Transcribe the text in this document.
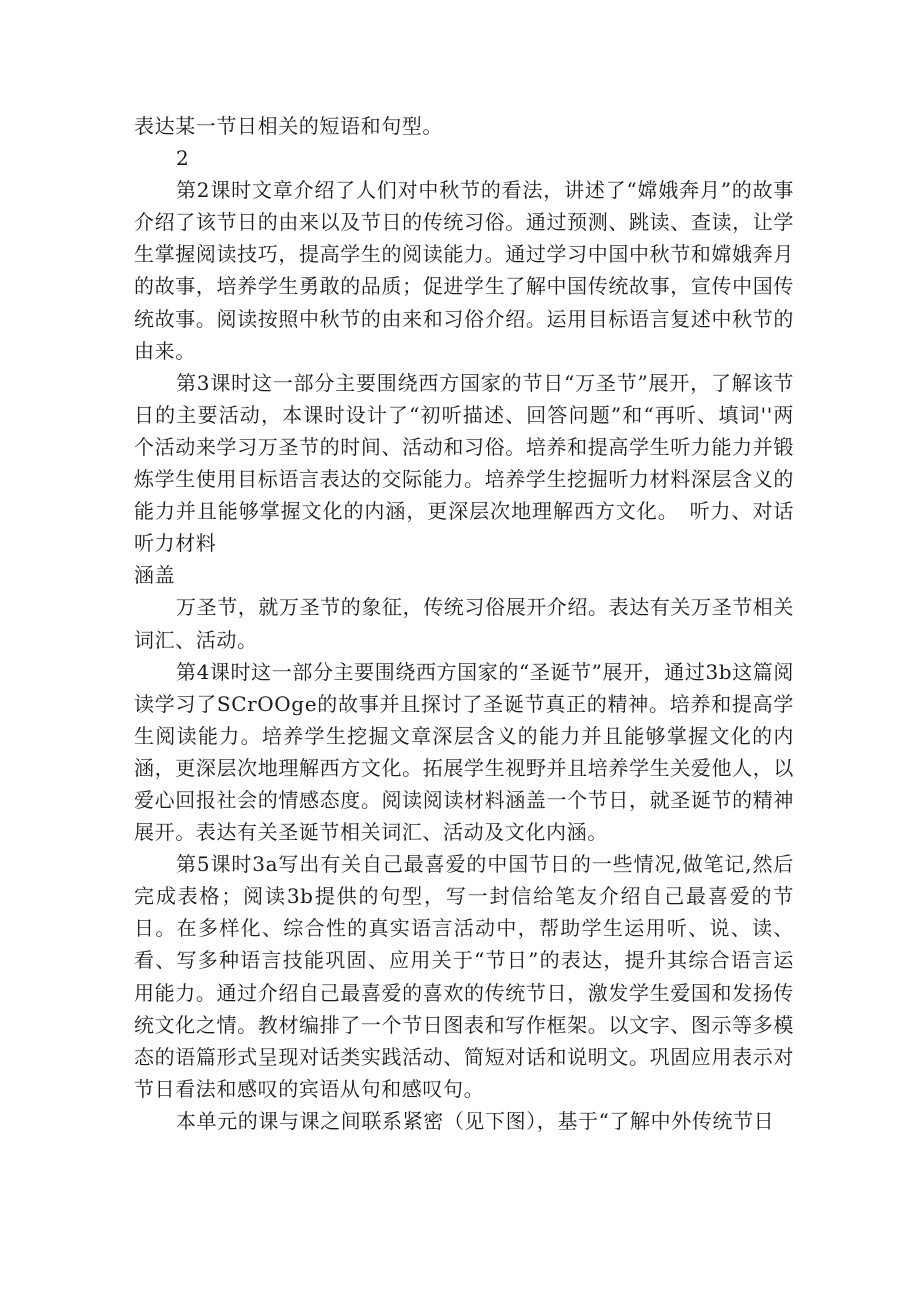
表达某一节日相关的短语和句型。

2

第2课时文章介绍了人们对中秋节的看法，讲述了“嫦娥奔月”的故事介绍了该节日的由来以及节日的传统习俗。通过预测、跳读、查读，让学生掌握阅读技巧，提高学生的阅读能力。通过学习中国中秋节和嫦娥奔月的故事，培养学生勇敢的品质；促进学生了解中国传统故事，宣传中国传统故事。阅读按照中秋节的由来和习俗介绍。运用目标语言复述中秋节的由来。

第3课时这一部分主要围绕西方国家的节日“万圣节”展开，了解该节日的主要活动，本课时设计了“初听描述、回答问题”和“再听、填词''两个活动来学习万圣节的时间、活动和习俗。培养和提高学生听力能力并锻炼学生使用目标语言表达的交际能力。培养学生挖掘听力材料深层含义的能力并且能够掌握文化的内涵，更深层次地理解西方文化。　听力、对话听力材料

涵盖

万圣节，就万圣节的象征，传统习俗展开介绍。表达有关万圣节相关词汇、活动。

第4课时这一部分主要围绕西方国家的“圣诞节”展开，通过3b这篇阅读学习了SCrOOge的故事并且探讨了圣诞节真正的精神。培养和提高学生阅读能力。培养学生挖掘文章深层含义的能力并且能够掌握文化的内涵，更深层次地理解西方文化。拓展学生视野并且培养学生关爱他人，以爱心回报社会的情感态度。阅读阅读材料涵盖一个节日，就圣诞节的精神展开。表达有关圣诞节相关词汇、活动及文化内涵。

第5课时3a写出有关自己最喜爱的中国节日的一些情况,做笔记,然后完成表格；阅读3b提供的句型，写一封信给笔友介绍自己最喜爱的节日。在多样化、综合性的真实语言活动中，帮助学生运用听、说、读、看、写多种语言技能巩固、应用关于“节日”的表达，提升其综合语言运用能力。通过介绍自己最喜爱的喜欢的传统节日，激发学生爱国和发扬传统文化之情。教材编排了一个节日图表和写作框架。以文字、图示等多模态的语篇形式呈现对话类实践活动、简短对话和说明文。巩固应用表示对节日看法和感叹的宾语从句和感叹句。

本单元的课与课之间联系紧密（见下图），基于“了解中外传统节日
